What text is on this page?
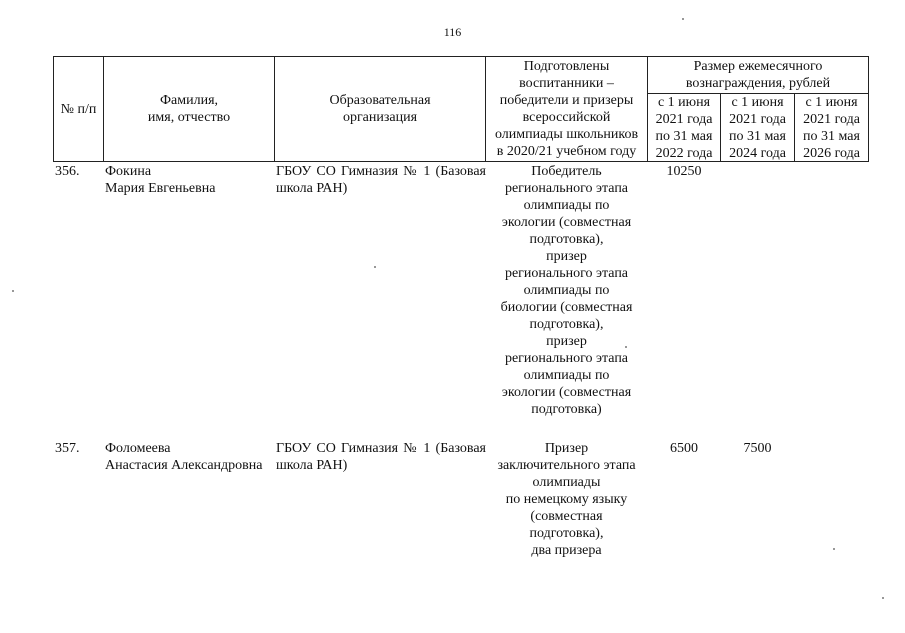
116
№ п/п
Фамилия,
имя, отчество
Образовательная
организация
Подготовлены
воспитанники –
победители и призеры
всероссийской
олимпиады школьников
в 2020/21 учебном году
Размер ежемесячного
вознаграждения, рублей
с 1 июня
2021 года
по 31 мая
2022 года
с 1 июня
2021 года
по 31 мая
2024 года
с 1 июня
2021 года
по 31 мая
2026 года
356. Фокина
Мария Евгеньевна
ГБОУ СО Гимназия № 1 (Базовая школа РАН)
Победитель
регионального этапа
олимпиады по
экологии (совместная
подготовка),
призер
регионального этапа
олимпиады по
биологии (совместная
подготовка),
призер
регионального этапа
олимпиады по
экологии (совместная
подготовка)
10250
357. Фоломеева
Анастасия Александровна
ГБОУ СО Гимназия № 1 (Базовая школа РАН)
Призер
заключительного этапа
олимпиады
по немецкому языку
(совместная
подготовка),
два призера
6500	7500
